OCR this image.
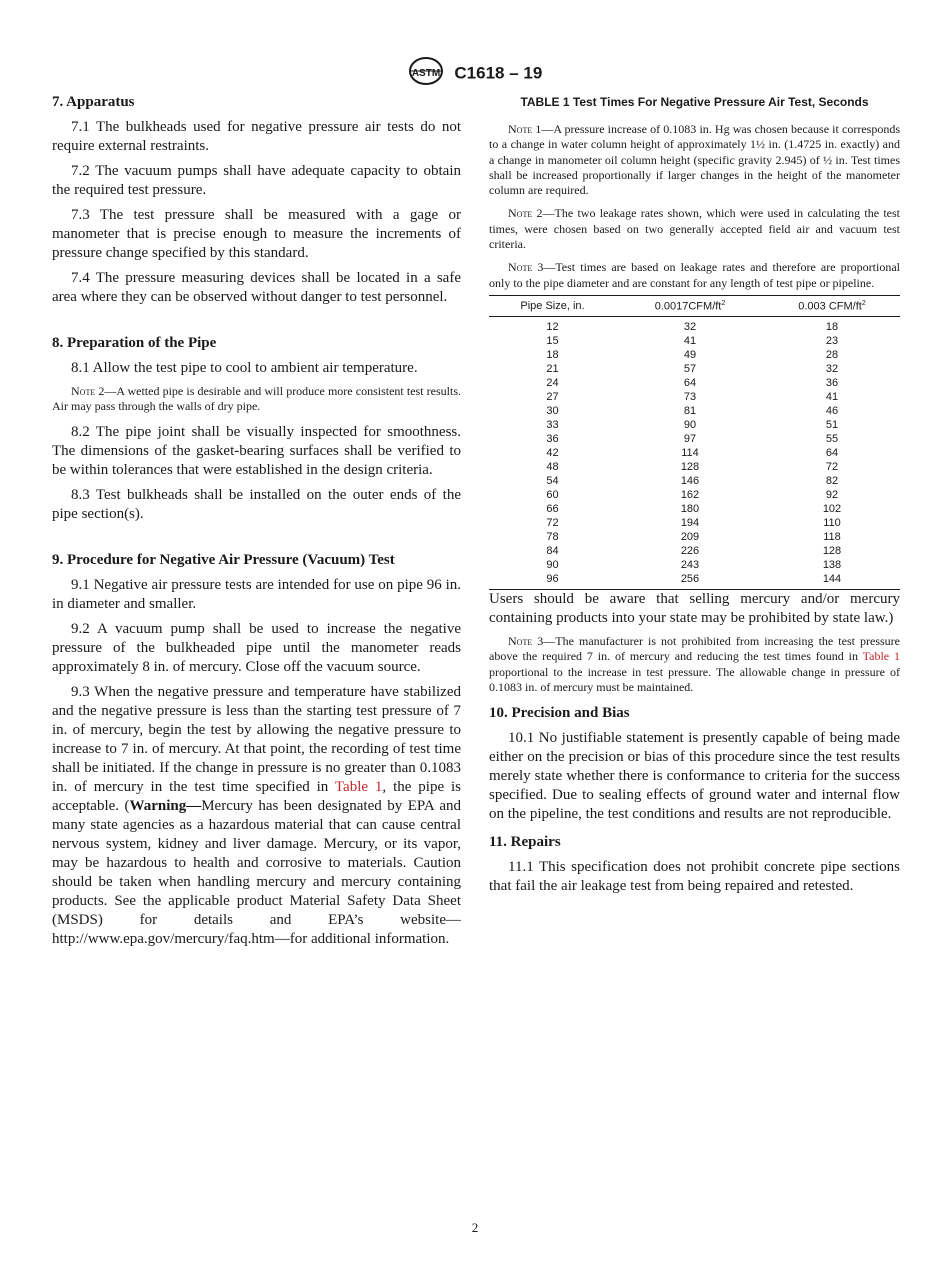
ASTM C1618 – 19
7. Apparatus

7.1 The bulkheads used for negative pressure air tests do not require external restraints.

7.2 The vacuum pumps shall have adequate capacity to obtain the required test pressure.

7.3 The test pressure shall be measured with a gage or manometer that is precise enough to measure the increments of pressure change specified by this standard.

7.4 The pressure measuring devices shall be located in a safe area where they can be observed without danger to test personnel.

8. Preparation of the Pipe

8.1 Allow the test pipe to cool to ambient air temperature.

Note 2—A wetted pipe is desirable and will produce more consistent test results. Air may pass through the walls of dry pipe.

8.2 The pipe joint shall be visually inspected for smoothness. The dimensions of the gasket-bearing surfaces shall be verified to be within tolerances that were established in the design criteria.

8.3 Test bulkheads shall be installed on the outer ends of the pipe section(s).

9. Procedure for Negative Air Pressure (Vacuum) Test

9.1 Negative air pressure tests are intended for use on pipe 96 in. in diameter and smaller.

9.2 A vacuum pump shall be used to increase the negative pressure of the bulkheaded pipe until the manometer reads approximately 8 in. of mercury. Close off the vacuum source.

9.3 When the negative pressure and temperature have stabilized and the negative pressure is less than the starting test pressure of 7 in. of mercury, begin the test by allowing the negative pressure to increase to 7 in. of mercury. At that point, the recording of test time shall be initiated. If the change in pressure is no greater than 0.1083 in. of mercury in the test time specified in Table 1, the pipe is acceptable. (Warning—Mercury has been designated by EPA and many state agencies as a hazardous material that can cause central nervous system, kidney and liver damage. Mercury, or its vapor, may be hazardous to health and corrosive to materials. Caution should be taken when handling mercury and mercury containing products. See the applicable product Material Safety Data Sheet (MSDS) for details and EPA’s website—http://www.epa.gov/mercury/faq.htm—for additional information.

TABLE 1 Test Times For Negative Pressure Air Test, Seconds

Note 1—A pressure increase of 0.1083 in. Hg was chosen because it corresponds to a change in water column height of approximately 1½ in. (1.4725 in. exactly) and a change in manometer oil column height (specific gravity 2.945) of ½ in. Test times shall be increased proportionally if larger changes in the height of the manometer column are required.

Note 2—The two leakage rates shown, which were used in calculating the test times, were chosen based on two generally accepted field air and vacuum test criteria.

Note 3—Test times are based on leakage rates and therefore are proportional only to the pipe diameter and are constant for any length of test pipe or pipeline.

Pipe Size, in.	$0.0017CFM/ft^2$	0.003 CFM/$ft^2$
12	32	18
15	41	23
18	49	28
21	57	32
24	64	36
27	73	41
30	81	46
33	90	51
36	97	55
42	114	64
48	128	72
54	146	82
60	162	92
66	180	102
72	194	110
78	209	118
84	226	128
90	243	138
96	256	144

Users should be aware that selling mercury and/or mercury containing products into your state may be prohibited by state law.)

Note 3—The manufacturer is not prohibited from increasing the test pressure above the required 7 in. of mercury and reducing the test times found in Table 1 proportional to the increase in test pressure. The allowable change in pressure of 0.1083 in. of mercury must be maintained.

10. Precision and Bias

10.1 No justifiable statement is presently capable of being made either on the precision or bias of this procedure since the test results merely state whether there is conformance to criteria for the success specified. Due to sealing effects of ground water and internal flow on the pipeline, the test conditions and results are not reproducible.

11. Repairs

11.1 This specification does not prohibit concrete pipe sections that fail the air leakage test from being repaired and retested.

2
